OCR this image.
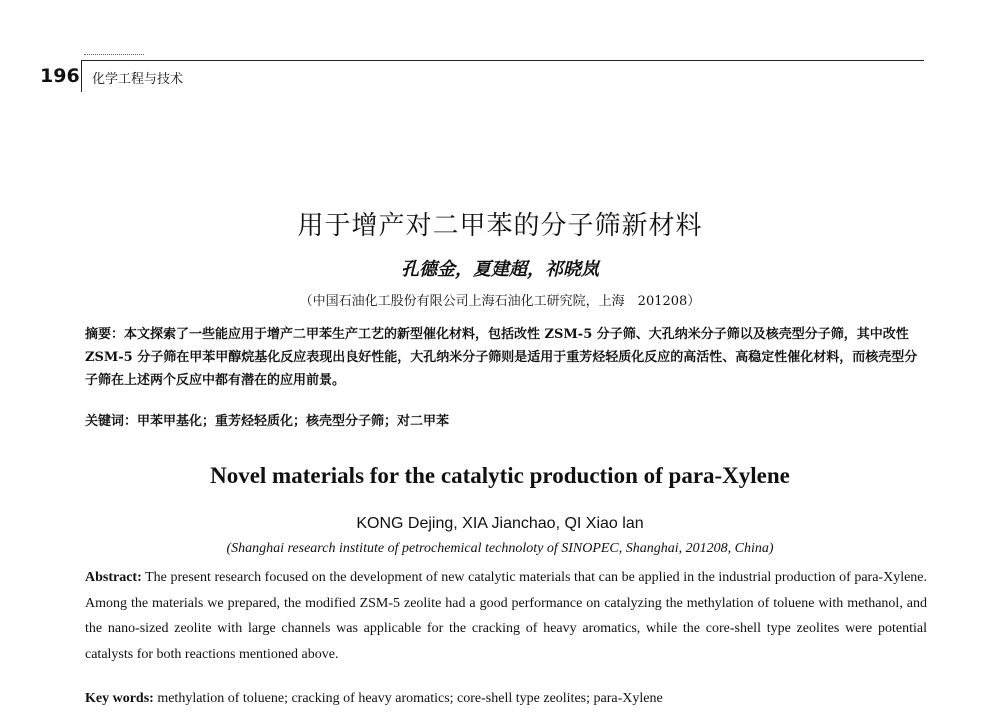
196 化学工程与技术
用于增产对二甲苯的分子筛新材料
孔德金，夏建超，祁晓岚
（中国石油化工股份有限公司上海石油化工研究院，上海　201208）
摘要：本文探索了一些能应用于增产二甲苯生产工艺的新型催化材料，包括改性 ZSM-5 分子筛、大孔纳米分子筛以及核壳型分子筛，其中改性 ZSM-5 分子筛在甲苯甲醇烷基化反应表现出良好性能，大孔纳米分子筛则是适用于重芳烃轻质化反应的高活性、高稳定性催化材料，而核壳型分子筛在上述两个反应中都有潜在的应用前景。
关键词：甲苯甲基化；重芳烃轻质化；核壳型分子筛；对二甲苯
Novel materials for the catalytic production of para-Xylene
KONG Dejing, XIA Jianchao, QI Xiao lan
(Shanghai research institute of petrochemical technoloty of SINOPEC, Shanghai, 201208, China)
Abstract: The present research focused on the development of new catalytic materials that can be applied in the industrial production of para-Xylene. Among the materials we prepared, the modified ZSM-5 zeolite had a good performance on catalyzing the methylation of toluene with methanol, and the nano-sized zeolite with large channels was applicable for the cracking of heavy aromatics, while the core-shell type zeolites were potential catalysts for both reactions mentioned above.
Key words: methylation of toluene; cracking of heavy aromatics; core-shell type zeolites; para-Xylene
